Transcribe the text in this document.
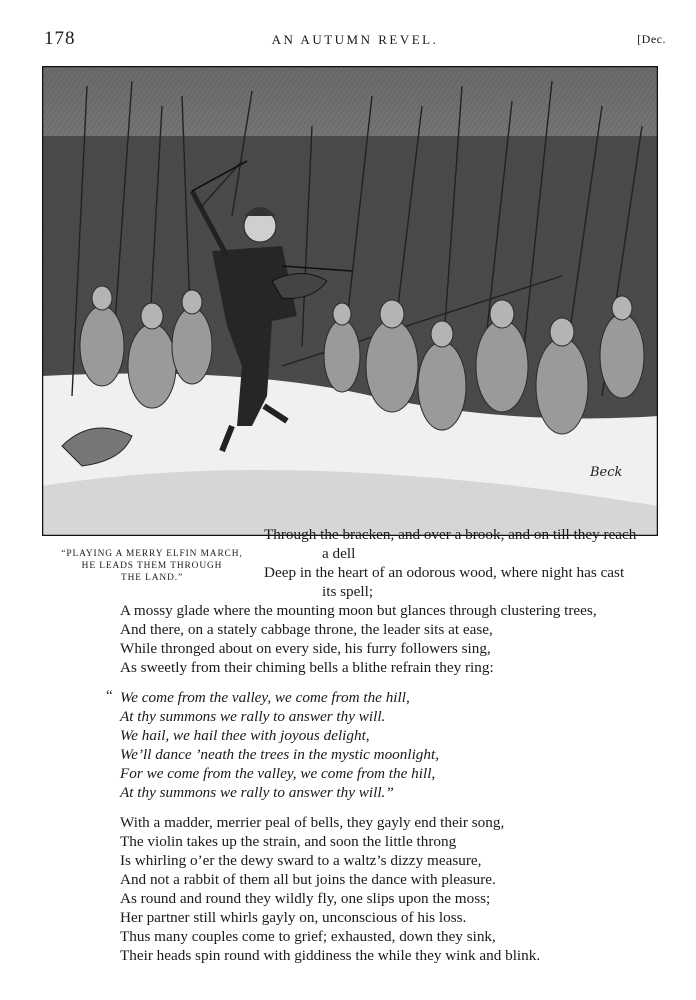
178	AN AUTUMN REVEL.	[Dec.
Beck
“PLAYING A MERRY ELFIN MARCH,
HE LEADS THEM THROUGH
THE LAND.”
Through the bracken, and over a brook, and on till they reach
a dell
Deep in the heart of an odorous wood, where night has cast
its spell;
A mossy glade where the mounting moon but glances through clustering trees,
And there, on a stately cabbage throne, the leader sits at ease,
While thronged about on every side, his furry followers sing,
As sweetly from their chiming bells a blithe refrain they ring:
“ We come from the valley, we come from the hill,
At thy summons we rally to answer thy will.
We hail, we hail thee with joyous delight,
We’ll dance ’neath the trees in the mystic moonlight,
For we come from the valley, we come from the hill,
At thy summons we rally to answer thy will.”
With a madder, merrier peal of bells, they gayly end their song,
The violin takes up the strain, and soon the little throng
Is whirling o’er the dewy sward to a waltz’s dizzy measure,
And not a rabbit of them all but joins the dance with pleasure.
As round and round they wildly fly, one slips upon the moss;
Her partner still whirls gayly on, unconscious of his loss.
Thus many couples come to grief; exhausted, down they sink,
Their heads spin round with giddiness the while they wink and blink.
